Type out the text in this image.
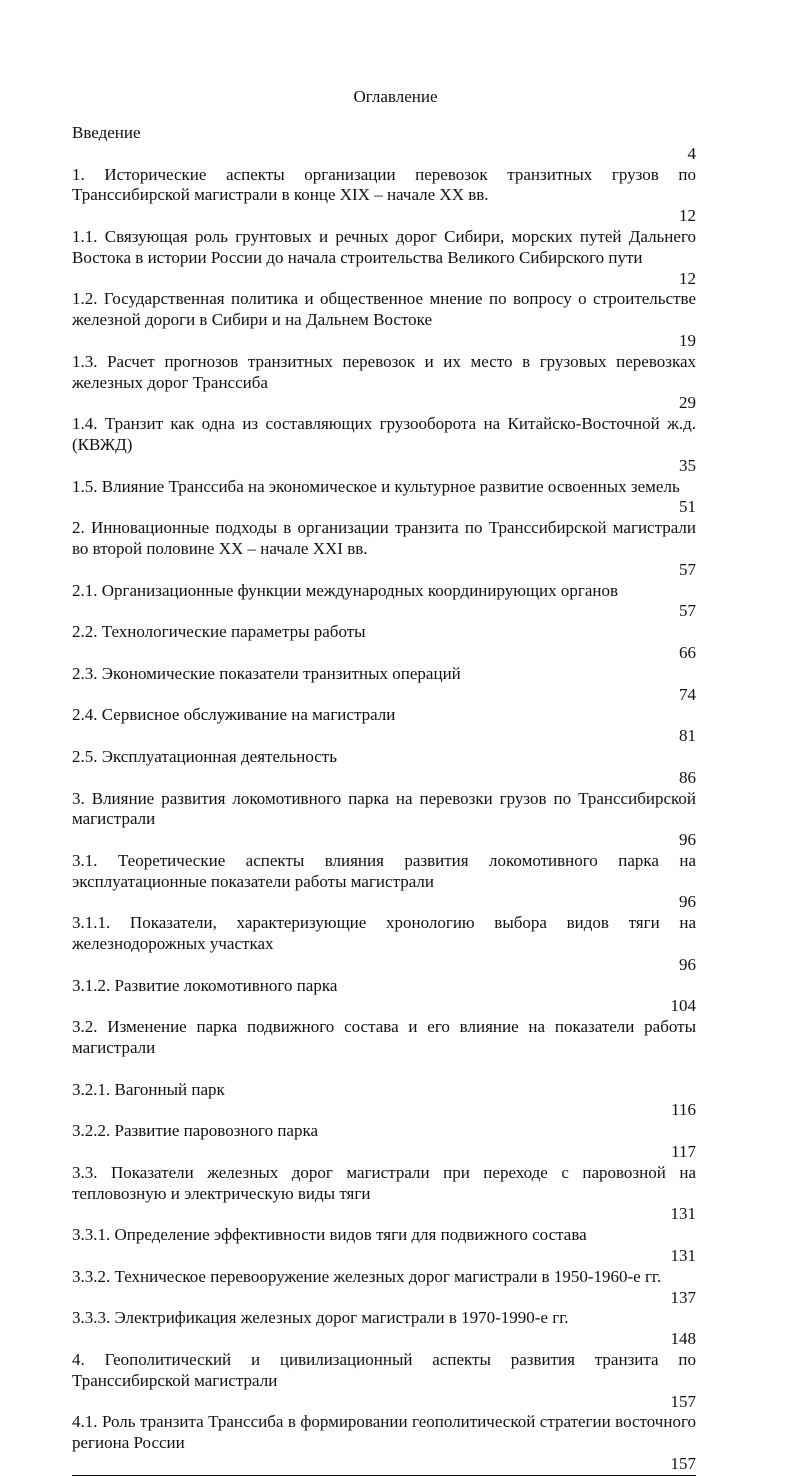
Оглавление
Введение
4
1. Исторические аспекты организации перевозок транзитных грузов по Транссибирской магистрали в конце XIX – начале XX вв.
12
1.1. Связующая роль грунтовых и речных дорог Сибири, морских путей Дальнего Востока в истории России до начала строительства Великого Сибирского пути
12
1.2. Государственная политика и общественное мнение по вопросу о строительстве железной дороги в Сибири и на Дальнем Востоке
19
1.3. Расчет прогнозов транзитных перевозок и их место в грузовых перевозках железных дорог Транссиба
29
1.4. Транзит как одна из составляющих грузооборота на Китайско-Восточной ж.д. (КВЖД)
35
1.5. Влияние Транссиба на экономическое и культурное развитие освоенных земель
51
2. Инновационные подходы в организации транзита по Транссибирской магистрали во второй половине XX – начале XXI вв.
57
2.1. Организационные функции международных координирующих органов
57
2.2. Технологические параметры работы
66
2.3. Экономические показатели транзитных операций
74
2.4. Сервисное обслуживание на магистрали
81
2.5. Эксплуатационная деятельность
86
3. Влияние развития локомотивного парка на перевозки грузов по Транссибирской магистрали
96
3.1. Теоретические аспекты влияния развития локомотивного парка на эксплуатационные показатели работы магистрали
96
3.1.1. Показатели, характеризующие хронологию выбора видов тяги на железнодорожных участках
96
3.1.2. Развитие локомотивного парка
104
3.2. Изменение парка подвижного состава и его влияние на показатели работы магистрали
3.2.1. Вагонный парк
116
3.2.2. Развитие паровозного парка
117
3.3. Показатели железных дорог магистрали при переходе с паровозной на тепловозную и электрическую виды тяги
131
3.3.1. Определение эффективности видов тяги для подвижного состава
131
3.3.2. Техническое перевооружение железных дорог магистрали в 1950-1960-е гг.
137
3.3.3. Электрификация железных дорог магистрали в 1970-1990-е гг.
148
4. Геополитический и цивилизационный аспекты развития транзита по Транссибирской магистрали
157
4.1. Роль транзита Транссиба в формировании геополитической стратегии восточного региона России
157
